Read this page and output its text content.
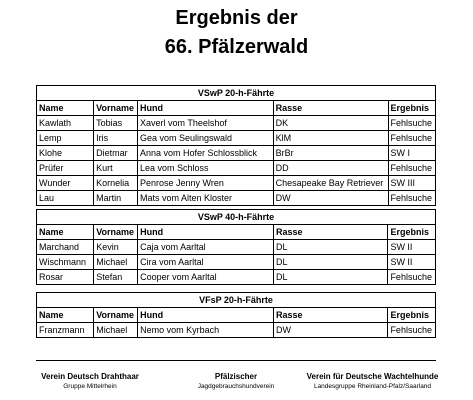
Ergebnis der
66. Pfälzerwald
VSwP 20-h-Fährte
Name	Vorname	Hund	Rasse	Ergebnis
Kawlath	Tobias	Xaverl vom Theelshof	DK	Fehlsuche
Lemp	Iris	Gea vom Seulingswald	KlM	Fehlsuche
Klohe	Dietmar	Anna vom Hofer Schlossblick	BrBr	SW I
Prüfer	Kurt	Lea vom Schloss	DD	Fehlsuche
Wunder	Kornelia	Penrose Jenny Wren	Chesapeake Bay Retriever	SW III
Lau	Martin	Mats vom Alten Kloster	DW	Fehlsuche
VSwP 40-h-Fährte
Name	Vorname	Hund	Rasse	Ergebnis
Marchand	Kevin	Caja vom Aarltal	DL	SW II
Wischmann	Michael	Cira vom Aarltal	DL	SW II
Rosar	Stefan	Cooper vom Aarltal	DL	Fehlsuche
VFsP 20-h-Fährte
Name	Vorname	Hund	Rasse	Ergebnis
Franzmann	Michael	Nemo vom Kyrbach	DW	Fehlsuche
Verein Deutsch Drahthaar
Gruppe Mittelrhein
Pfälzischer
Jagdgebrauchshundverein
Verein für Deutsche Wachtelhunde
Landesgruppe Rheinland-Pfalz/Saarland
